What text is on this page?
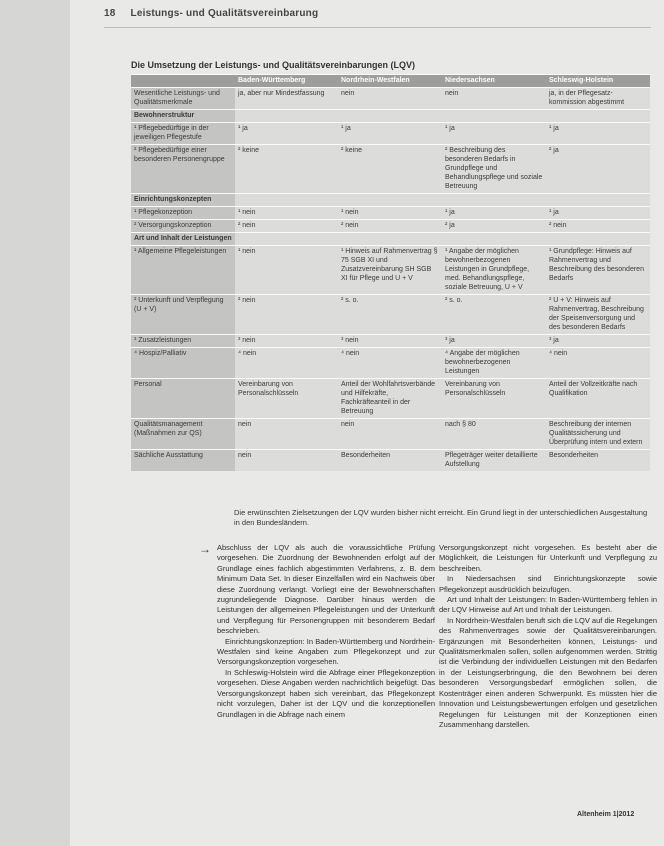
18 Leistungs- und Qualitätsvereinbarung
Die Umsetzung der Leistungs- und Qualitätsvereinbarungen (LQV)
	Baden-Württemberg	Nordrhein-Westfalen	Niedersachsen	Schleswig-Holstein
Wesentliche Leistungs- und Qualitätsmerkmale	ja, aber nur Mindestfassung	nein	nein	ja, in der Pflegesatz-kommission abgestimmt
Bewohnerstruktur				
¹ Pflegebedürftige in der jeweiligen Pflegestufe	¹ ja	¹ ja	¹ ja	¹ ja
² Pflegebedürftige einer besonderen Personengruppe	² keine	² keine	² Beschreibung des besonderen Bedarfs in Grundpflege und Behandlungspflege und soziale Betreuung	² ja
Einrichtungskonzepten				
¹ Pflegekonzeption	¹ nein	¹ nein	¹ ja	¹ ja
² Versorgungskonzeption	² nein	² nein	² ja	² nein
Art und Inhalt der Leistungen				
¹ Allgemeine Pflegeleistungen	¹ nein	¹ Hinweis auf Rahmenvertrag § 75 SGB XI und Zusatzvereinbarung SH SGB XI für Pflege und U + V	¹ Angabe der möglichen bewohnerbezogenen Leistungen in Grundpflege, med. Behandlungspflege, soziale Betreuung, U + V	¹ Grundpflege: Hinweis auf Rahmenvertrag und Beschreibung des besonderen Bedarfs
² Unterkunft und Verpflegung (U + V)	² nein	² s. o.	² s. o.	² U + V: Hinweis auf Rahmenvertrag, Beschreibung der Speisenversorgung und des besonderen Bedarfs
³ Zusatzleistungen	³ nein	³ nein	³ ja	³ ja
⁴ Hospiz/Palliativ	⁴ nein	⁴ nein	⁴ Angabe der möglichen bewohnerbezogenen Leistungen	⁴ nein
Personal	Vereinbarung von Personalschlüsseln	Anteil der Wohlfahrtsverbände und Hilfekräfte, Fachkräfteanteil in der Betreuung	Vereinbarung von Personalschlüsseln	Anteil der Vollzeitkräfte nach Qualifikation
Qualitätsmanagement (Maßnahmen zur QS)	nein	nein	nach § 80	Beschreibung der internen Qualitätssicherung und Überprüfung intern und extern
Sächliche Ausstattung	nein	Besonderheiten	Pflegeträger weiter detaillierte Aufstellung	Besonderheiten
Die erwünschten Zielsetzungen der LQV wurden bisher nicht erreicht. Ein Grund liegt in der unterschiedlichen Ausgestaltung in den Bundesländern.
→ Abschluss der LQV als auch die voraussichtliche Prüfung vorgesehen. Die Zuordnung der Bewohnenden erfolgt auf der Grundlage eines fachlich abgestimmten Verfahrens, z. B. dem Minimum Data Set. In dieser Einzelfallen wird ein Nachweis über diese Zuordnung verlangt. Vorliegt eine der Bewohnerschaften zugrundeliegende Diagnose. Darüber hinaus werden die Leistungen der allgemeinen Pflegeleistungen und der Unterkunft und Verpflegung für Personengruppen mit besonderem Bedarf beschrieben.

Einrichtungskonzeption: In Baden-Württemberg und Nordrhein-Westfalen sind keine Angaben zum Pflegekonzept und zur Versorgungskonzeption vorgesehen.

In Schleswig-Holstein wird die Abfrage einer Pflegekonzeption vorgesehen. Diese Angaben werden nachrichtlich beigefügt. Das Versorgungskonzept haben sich vereinbart, das Pflegekonzept nicht vorzulegen, Daher ist der LQV und die konzeptionellen Grundlagen in die Abfrage nach einem

Versorgungskonzept nicht vorgesehen. Es besteht aber die Möglichkeit, die Leistungen für Unterkunft und Verpflegung zu beschreiben.

In Niedersachsen sind Einrichtungskonzepte sowie Pflegekonzept ausdrücklich beizufügen.

Art und Inhalt der Leistungen: In Baden-Württemberg fehlen in der LQV Hinweise auf Art und Inhalt der Leistungen.

In Nordrhein-Westfalen beruft sich die LQV auf die Regelungen des Rahmenvertrages sowie der Qualitätsvereinbarungen. Ergänzungen mit Besonderheiten können, Leistungs- und Qualitätsmerkmalen sollen, sollen aufgenommen werden. Strittig ist die Verbindung der individuellen Leistungen mit den Bedarfen in der Leistungserbringung, die den Bewohnern bei deren besonderen Versorgungsbedarf ermöglichen sollen, die Kostenträger einen anderen Schwerpunkt. Es müssten hier die Innovation und Leistungsbewertungen erfolgen und gesetzlichen Regelungen für Leistungen mit der Konzeptionen einen Zusammenhang darstellen.

Altenheim 1|2012
